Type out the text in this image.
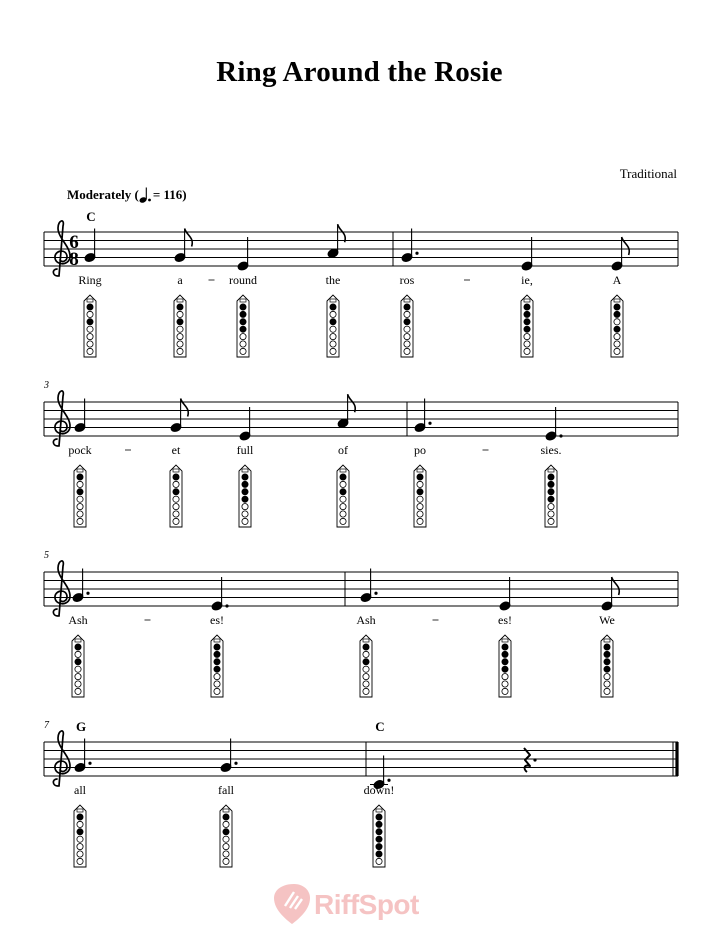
Ring Around the Rosie
Traditional
Moderately ( = 116)
6
8
C
Ring	a	round	the	ros	ie,	A
3
pock	et	full	of	po	sies.
5
Ash	es!	Ash	es!	We
7 G	C
all	fall	down!
RiffSpot
